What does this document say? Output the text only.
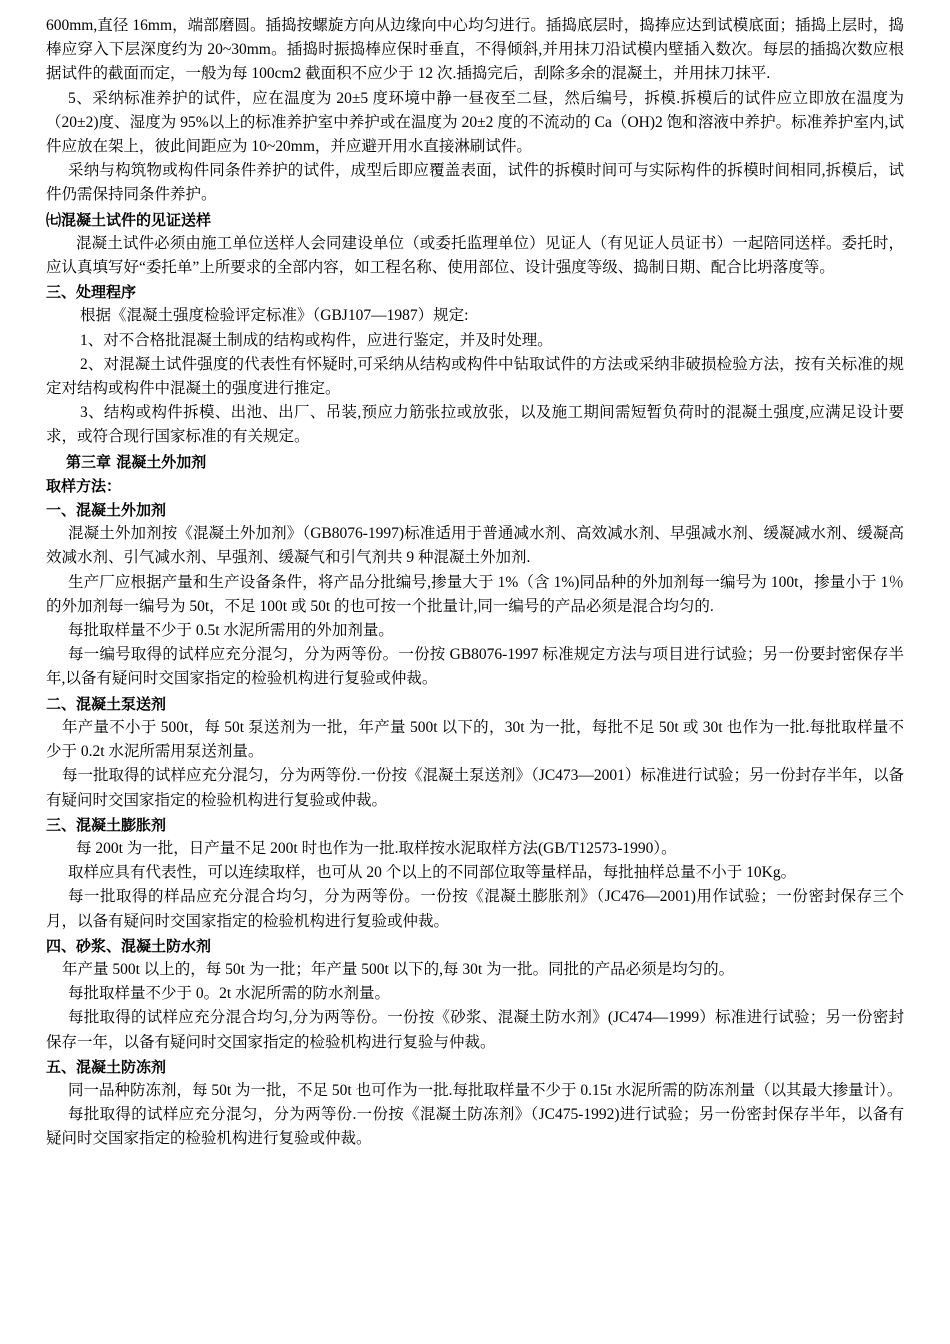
600mm,直径 16mm，端部磨圆。插捣按螺旋方向从边缘向中心均匀进行。插捣底层时，捣捧应达到试模底面；插捣上层时，捣棒应穿入下层深度约为 20~30mm。插捣时振捣棒应保时垂直，不得倾斜,并用抹刀沿试模内壁插入数次。每层的插捣次数应根据试件的截面而定，一般为每 100cm2 截面积不应少于 12 次.插捣完后，刮除多余的混凝土，并用抹刀抹平.

5、采纳标准养护的试件，应在温度为 20±5 度环境中静一昼夜至二昼，然后编号，拆模.拆模后的试件应立即放在温度为（20±2)度、湿度为 95%以上的标准养护室中养护或在温度为 20±2 度的不流动的 Ca（OH)2 饱和溶液中养护。标准养护室内,试件应放在架上，彼此间距应为 10~20mm，并应避开用水直接淋刷试件。

采纳与构筑物或构件同条件养护的试件，成型后即应覆盖表面，试件的拆模时间可与实际构件的拆模时间相同,拆模后，试件仍需保持同条件养护。

㈦混凝土试件的见证送样

混凝土试件必须由施工单位送样人会同建设单位（或委托监理单位）见证人（有见证人员证书）一起陪同送样。委托时，应认真填写好“委托单”上所要求的全部内容，如工程名称、使用部位、设计强度等级、捣制日期、配合比坍落度等。

三、处理程序

根据《混凝土强度检验评定标准》（GBJ107—1987）规定:

1、对不合格批混凝土制成的结构或构件，应进行鉴定，并及时处理。

2、对混凝土试件强度的代表性有怀疑时,可采纳从结构或构件中钻取试件的方法或采纳非破损检验方法，按有关标准的规定对结构或构件中混凝土的强度进行推定。

3、结构或构件拆模、出池、出厂、吊装,预应力筋张拉或放张，以及施工期间需短暂负荷时的混凝土强度,应满足设计要求，或符合现行国家标准的有关规定。

第三章 混凝土外加剂

取样方法：

一、混凝土外加剂

混凝土外加剂按《混凝土外加剂》（GB8076-1997)标准适用于普通减水剂、高效减水剂、早强减水剂、缓凝减水剂、缓凝高效减水剂、引气减水剂、早强剂、缓凝气和引气剂共 9 种混凝土外加剂.

生产厂应根据产量和生产设备条件，将产品分批编号,掺量大于 1%（含 1%)同品种的外加剂每一编号为 100t，掺量小于 1％的外加剂每一编号为 50t，不足 100t 或 50t 的也可按一个批量计,同一编号的产品必须是混合均匀的.

每批取样量不少于 0.5t 水泥所需用的外加剂量。

每一编号取得的试样应充分混匀，分为两等份。一份按 GB8076-1997 标准规定方法与项目进行试验；另一份要封密保存半年,以备有疑问时交国家指定的检验机构进行复验或仲裁。

二、混凝土泵送剂

年产量不小于 500t，每 50t 泵送剂为一批，年产量 500t 以下的，30t 为一批，每批不足 50t 或 30t 也作为一批.每批取样量不少于 0.2t 水泥所需用泵送剂量。

每一批取得的试样应充分混匀，分为两等份.一份按《混凝土泵送剂》（JC473—2001）标准进行试验；另一份封存半年，以备有疑问时交国家指定的检验机构进行复验或仲裁。

三、混凝土膨胀剂

每 200t 为一批，日产量不足 200t 时也作为一批.取样按水泥取样方法(GB/T12573-1990）。

取样应具有代表性，可以连续取样，也可从 20 个以上的不同部位取等量样品，每批抽样总量不小于 10Kg。

每一批取得的样品应充分混合均匀，分为两等份。一份按《混凝土膨胀剂》（JC476—2001)用作试验；一份密封保存三个月，以备有疑问时交国家指定的检验机构进行复验或仲裁。

四、砂浆、混凝土防水剂

年产量 500t 以上的，每 50t 为一批；年产量 500t 以下的,每 30t 为一批。同批的产品必须是均匀的。

每批取样量不少于 0。2t 水泥所需的防水剂量。

每批取得的试样应充分混合均匀,分为两等份。一份按《砂浆、混凝土防水剂》(JC474—1999）标准进行试验；另一份密封保存一年，以备有疑问时交国家指定的检验机构进行复验与仲裁。

五、混凝土防冻剂

同一品种防冻剂，每 50t 为一批，不足 50t 也可作为一批.每批取样量不少于 0.15t 水泥所需的防冻剂量（以其最大掺量计）。

每批取得的试样应充分混匀，分为两等份.一份按《混凝土防冻剂》（JC475-1992)进行试验；另一份密封保存半年，以备有疑问时交国家指定的检验机构进行复验或仲裁。
